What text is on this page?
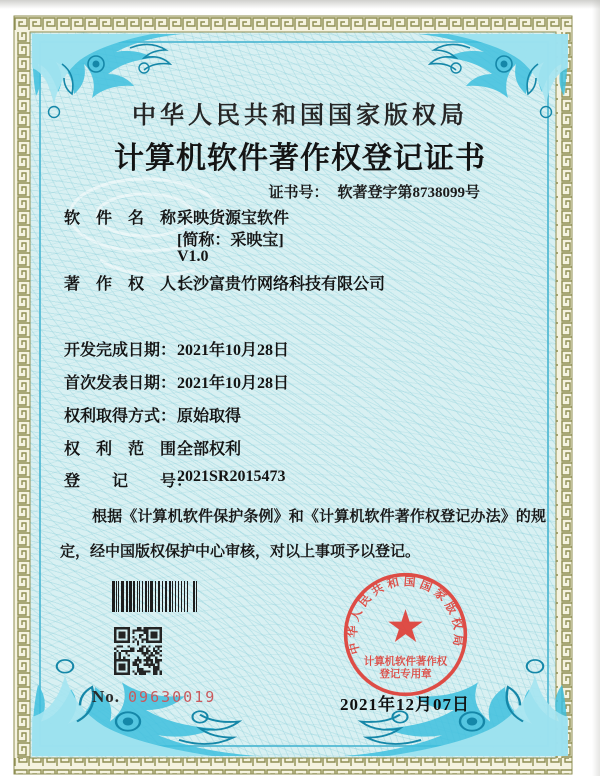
中华人民共和国国家版权局
计算机软件著作权登记证书
证书号： 软著登字第8738099号
软　件　名　称：
采映货源宝软件
[简称：采映宝]
V1.0
著　作　权　人：
长沙富贵竹网络科技有限公司
开发完成日期： 2021年10月28日
首次发表日期： 2021年10月28日
权利取得方式： 原始取得
权　利　范　围：
全部权利
登　　记　　号：
2021SR2015473
根据《计算机软件保护条例》和《计算机软件著作权登记办法》的规定，经中国版权保护中心审核，对以上事项予以登记。
No. 09630019
中华人民共和国国家版权局
计算机软件著作权
登记专用章
2021年12月07日
